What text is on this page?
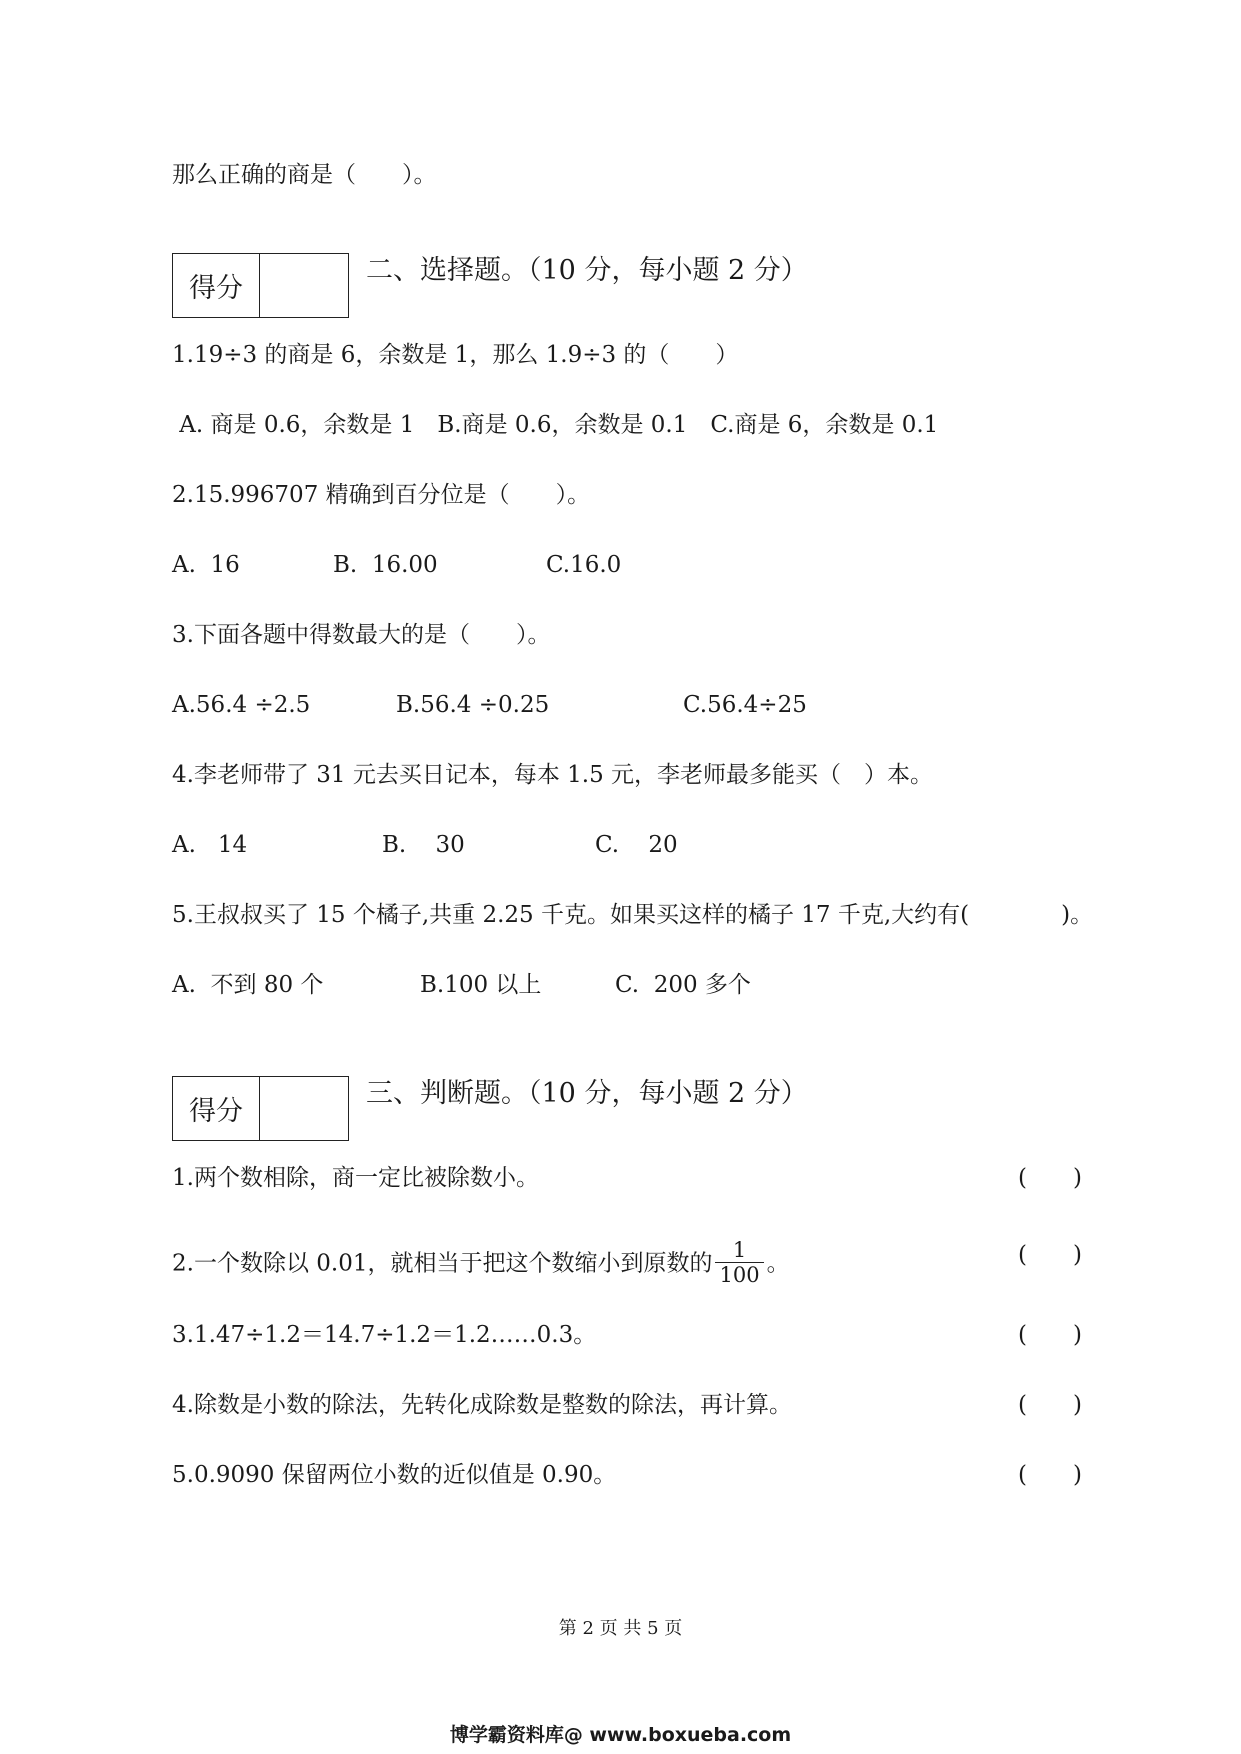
那么正确的商是（　　）。
得分
二、选择题。（10 分，每小题 2 分）
1.19÷3 的商是 6，余数是 1，那么 1.9÷3 的（　　）
A. 商是 0.6，余数是 1　B.商是 0.6，余数是 0.1　C.商是 6，余数是 0.1
2.15.996707 精确到百分位是（　　）。
A.  16	B.  16.00	C.16.0
3.下面各题中得数最大的是（　　）。
A.56.4 ÷2.5	B.56.4 ÷0.25	C.56.4÷25
4.李老师带了 31 元去买日记本，每本 1.5 元，李老师最多能买（　）本。
A.   14	B.    30	C.    20
5.王叔叔买了 15 个橘子,共重 2.25 千克。如果买这样的橘子 17 千克,大约有(　　　　)。
A.  不到 80 个	B.100 以上	C.  200 多个
得分
三、判断题。（10 分，每小题 2 分）
1.两个数相除，商一定比被除数小。	(　　)
2.一个数除以 0.01，就相当于把这个数缩小到原数的 $\frac{1}{100}$ 。	(　　)
3.1.47÷1.2＝14.7÷1.2＝1.2……0.3。	(　　)
4.除数是小数的除法，先转化成除数是整数的除法，再计算。	(　　)
5.0.9090 保留两位小数的近似值是 0.90。	(　　)
第 2 页 共 5 页
博学霸资料库@ www.boxueba.com
